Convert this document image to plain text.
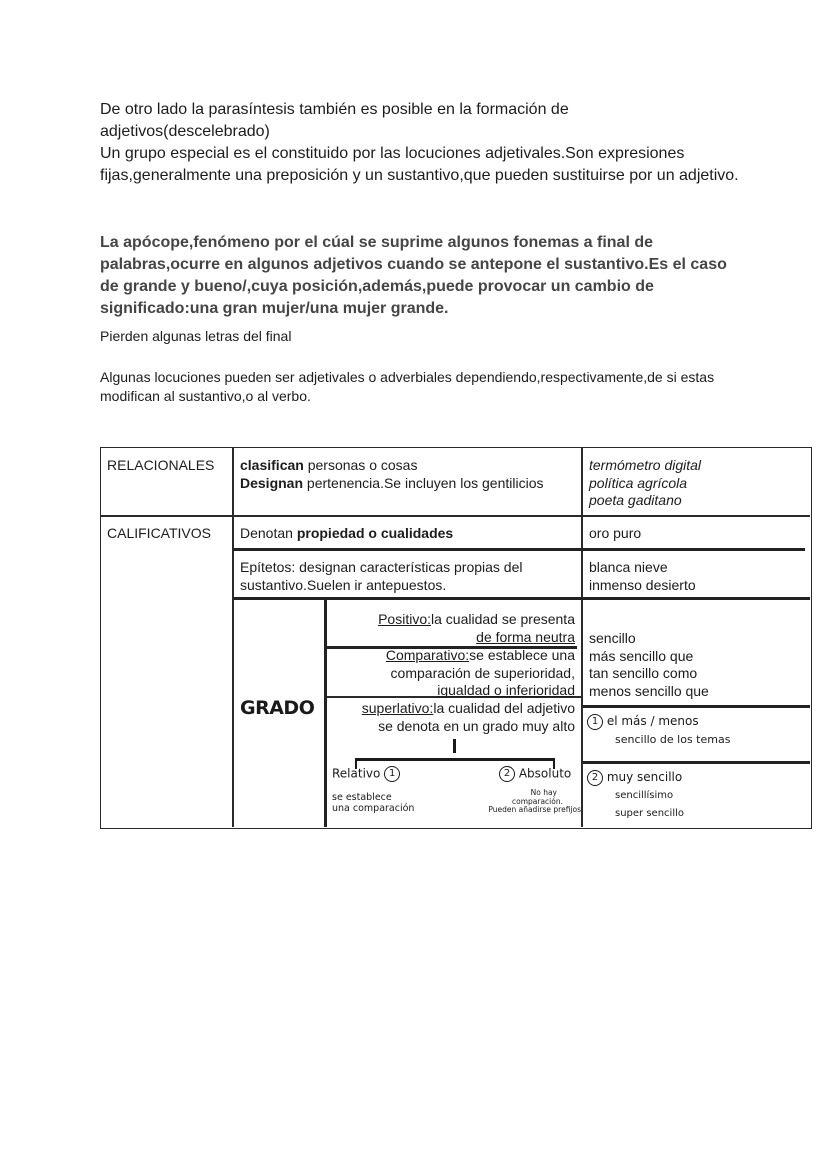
De otro lado la parasíntesis también es posible en la formación de adjetivos(descelebrado)
Un grupo especial es el constituido por las locuciones adjetivales.Son expresiones fijas,generalmente una preposición y un sustantivo,que pueden sustituirse por un adjetivo.

La apócope,fenómeno por el cúal se suprime algunos fonemas a final de palabras,ocurre en algunos adjetivos cuando se antepone el sustantivo.Es el caso de grande y bueno/,cuya posición,además,puede provocar un cambio de significado:una gran mujer/una mujer grande.

Pierden algunas letras del final

Algunas locuciones pueden ser adjetivales o adverbiales dependiendo,respectivamente,de si estas modifican al sustantivo,o al verbo.

RELACIONALES clasifican personas o cosas
Designan pertenencia.Se incluyen los gentilicios
termómetro digital
política agrícola
poeta gaditano
CALIFICATIVOS Denotan propiedad o cualidades	oro puro
Epítetos: designan características propias del sustantivo.Suelen ir antepuestos.
blanca nieve
inmenso desierto
GRADO
Positivo:la cualidad se presenta
de forma neutra
Comparativo:se establece una
comparación de superioridad,
igualdad o inferioridad
superlativo:la cualidad del adjetivo
se denota en un grado muy alto
Relativo 1
se establece
una comparación
2 Absoluto
No hay
comparación.
Pueden añadirse prefijos
sencillo
más sencillo que
tan sencillo como
menos sencillo que
1 el más / menos
sencillo de los temas
2 muy sencillo
sencillísimo
super sencillo
